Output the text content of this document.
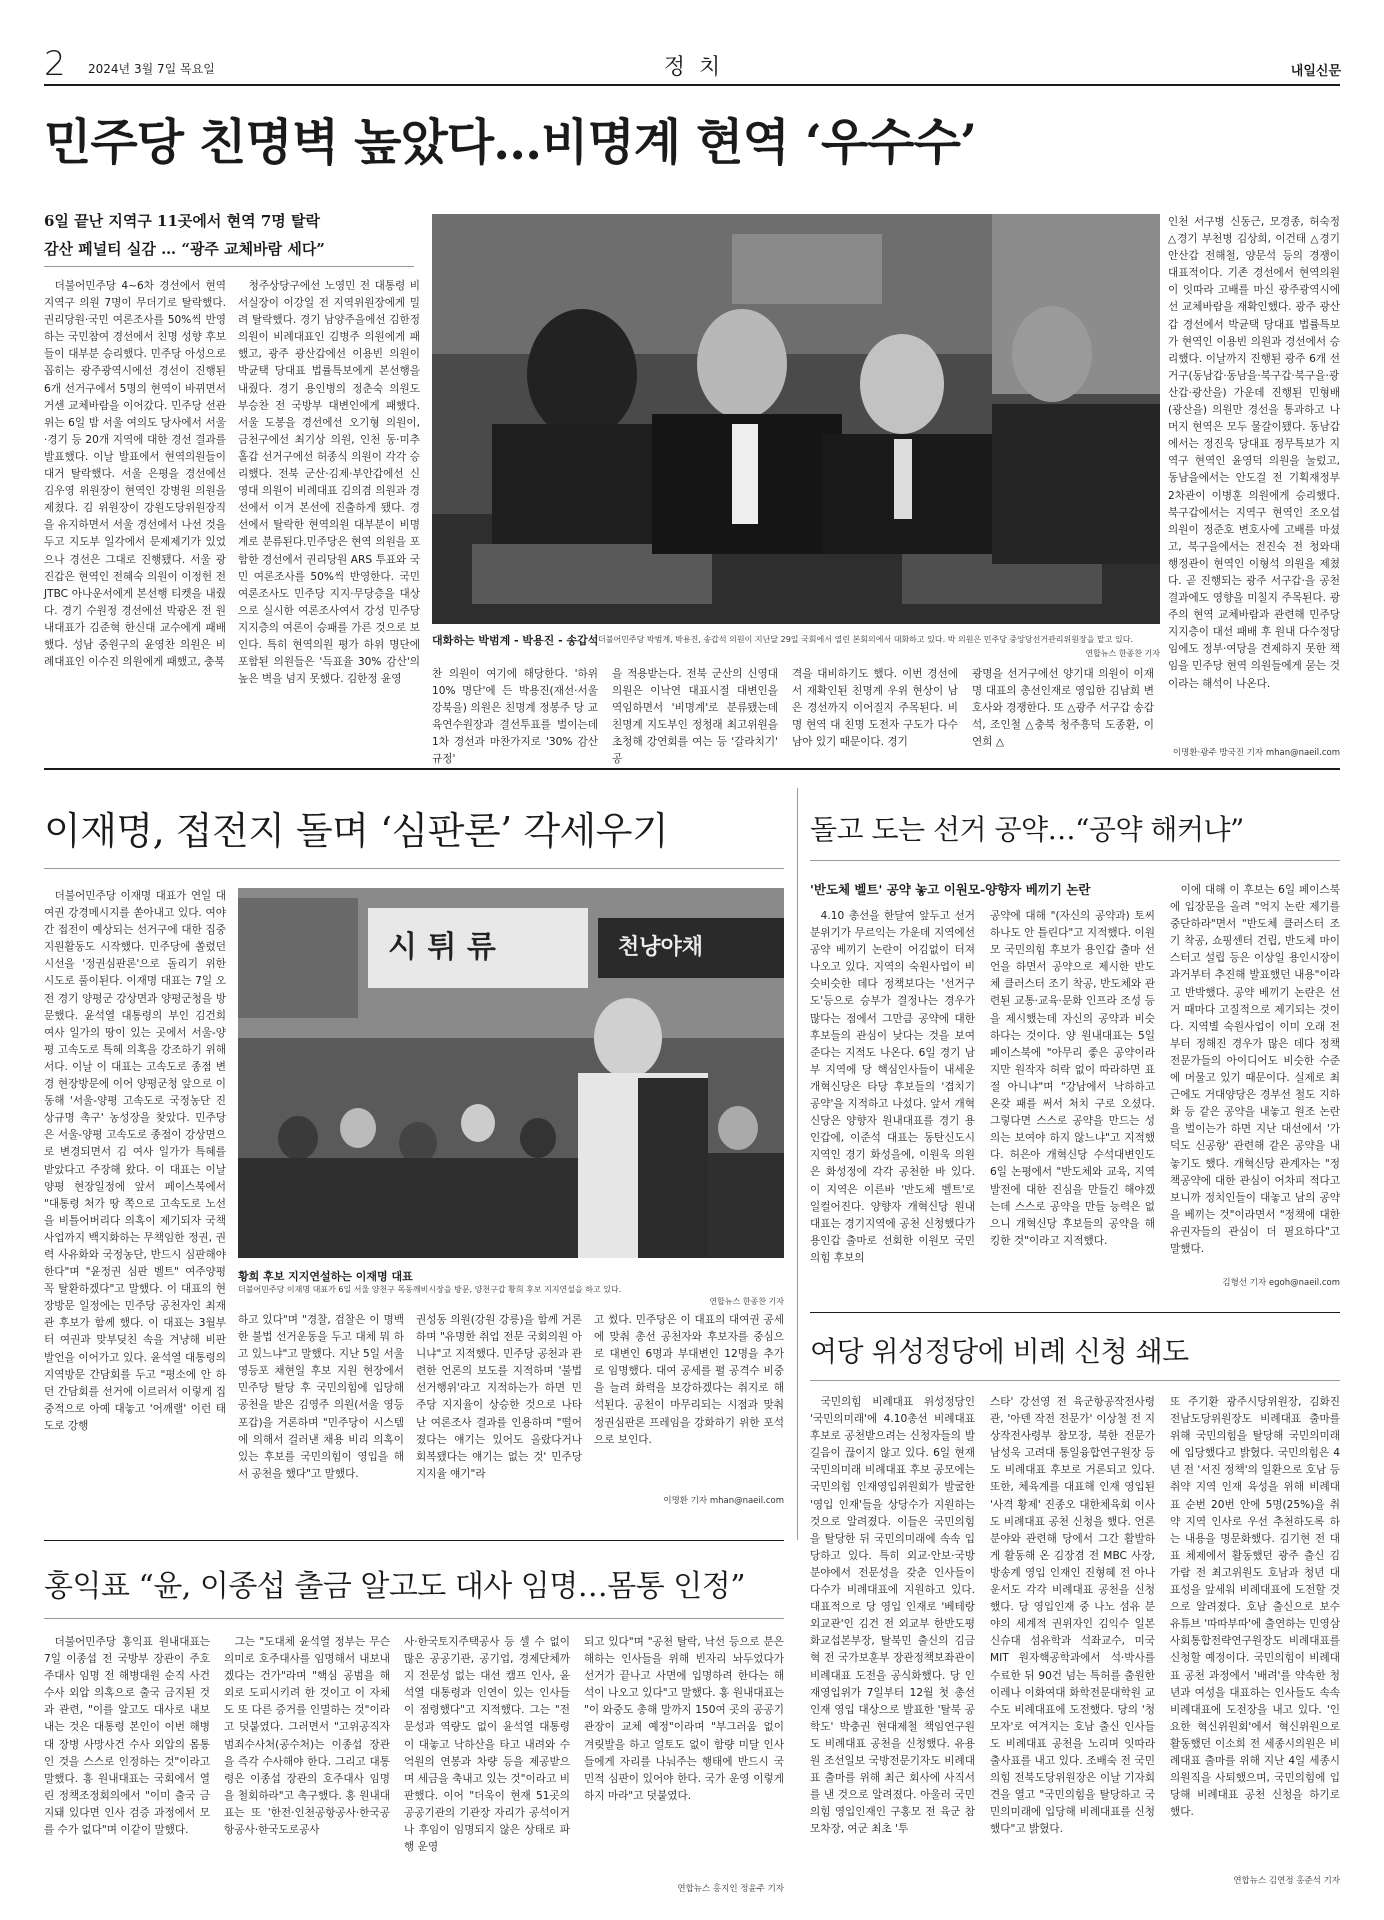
2 2024년 3월 7일 목요일	정  치	내일신문
민주당 친명벽 높았다…비명계 현역 ‘우수수’
6일 끝난 지역구 11곳에서 현역 7명 탈락
감산 페널티 실감 … “광주 교체바람 세다”

더불어민주당 4~6차 경선에서 현역 지역구 의원 7명이 무더기로 탈락했다. 권리당원·국민 여론조사를 50%씩 반영하는 국민참여 경선에서 친명 성향 후보들이 대부분 승리했다. 민주당 아성으로 꼽히는 광주광역시에선 경선이 진행된 6개 선거구에서 5명의 현역이 바뀌면서 거센 교체바람을 이어갔다. 민주당 선관위는 6일 밤 서울 여의도 당사에서 서울·경기 등 20개 지역에 대한 경선 결과를 발표했다. 이날 발표에서 현역의원들이 대거 탈락했다. 서울 은평을 경선에선 김우영 위원장이 현역인 강병원 의원을 제쳤다. 김 위원장이 강원도당위원장직을 유지하면서 서울 경선에서 나선 것을 두고 지도부 일각에서 문제제기가 있었으나 경선은 그대로 진행됐다. 서울 광진갑은 현역인 전혜숙 의원이 이정헌 전 JTBC 아나운서에게 본선행 티켓을 내줬다. 경기 수원정 경선에선 박광온 전 원내대표가 김준혁 한신대 교수에게 패배했다. 성남 중원구의 윤영찬 의원은 비례대표인 이수진 의원에게 패했고, 충북

청주상당구에선 노영민 전 대통령 비서실장이 이강일 전 지역위원장에게 밀려 탈락했다. 경기 남양주을에선 김한정 의원이 비례대표인 김병주 의원에게 패했고, 광주 광산갑에선 이용빈 의원이 박균택 당대표 법률특보에게 본선행을 내줬다. 경기 용인병의 정춘숙 의원도 부승찬 전 국방부 대변인에게 패했다. 서울 도봉을 경선에선 오기형 의원이, 금천구에선 최기상 의원, 인천 동·미추홀갑 선거구에선 허종식 의원이 각각 승리했다. 전북 군산·김제·부안갑에선 신영대 의원이 비례대표 김의겸 의원과 경선에서 이겨 본선에 진출하게 됐다. 경선에서 탈락한 현역의원 대부분이 비명계로 분류된다.민주당은 현역 의원을 포함한 경선에서 권리당원 ARS 투표와 국민 여론조사를 50%씩 반영한다. 국민여론조사도 민주당 지지·무당층을 대상으로 실시한 여론조사여서 강성 민주당 지지층의 여론이 승패를 가른 것으로 보인다. 특히 현역의원 평가 하위 명단에 포함된 의원들은 '득표율 30% 감산'의 높은 벽을 넘지 못했다. 김한정 윤영

대화하는 박범계 - 박용진 - 송갑석 더불어민주당 박범계, 박용진, 송갑석 의원이 지난달 29일 국회에서 열린 본회의에서 대화하고 있다. 박 의원은 민주당 중앙당선거관리위원장을 맡고 있다.
연합뉴스 한종찬 기자

찬 의원이 여기에 해당한다. '하위 10% 명단'에 든 박용진(재선·서울 강북을) 의원은 친명계 정봉주 당 교육연수원장과 결선투표를 벌이는데 1차 경선과 마찬가지로 '30% 감산 규정'

을 적용받는다. 전북 군산의 신영대 의원은 이낙연 대표시절 대변인을 역임하면서 '비명계'로 분류됐는데 친명계 지도부인 정청래 최고위원을 초청해 강연회를 여는 등 '갈라치기' 공

격을 대비하기도 했다. 이번 경선에서 재확인된 친명계 우위 현상이 남은 경선까지 이어질지 주목된다. 비명 현역 대 친명 도전자 구도가 다수 남아 있기 때문이다. 경기

광명을 선거구에선 양기대 의원이 이재명 대표의 총선인재로 영입한 김남희 변호사와 경쟁한다. 또 △광주 서구갑 송갑석, 조인철 △충북 청주흥덕 도종환, 이연희 △

인천 서구병 신동근, 모경종, 허숙정 △경기 부천병 김상희, 이건태 △경기 안산갑 전해철, 양문석 등의 경쟁이 대표적이다. 기존 경선에서 현역의원이 잇따라 고배를 마신 광주광역시에선 교체바람을 재확인했다. 광주 광산갑 경선에서 박균택 당대표 법률특보가 현역인 이용빈 의원과 경선에서 승리했다. 이날까지 진행된 광주 6개 선거구(동남갑·동남을·북구갑·북구을·광산갑·광산을) 가운데 진행된 민형배(광산을) 의원만 경선을 통과하고 나머지 현역은 모두 물갈이됐다. 동남갑 에서는 정진욱 당대표 정무특보가 지역구 현역인 윤영덕 의원을 눌렀고, 동남을에서는 안도걸 전 기획재정부 2차관이 이병훈 의원에게 승리했다. 북구갑에서는 지역구 현역인 조오섭 의원이 정준호 변호사에 고배를 마셨고, 북구을에서는 전진숙 전 청와대 행정관이 현역인 이형석 의원을 제쳤다. 곧 진행되는 광주 서구갑·을 공천결과에도 영향을 미칠지 주목된다. 광주의 현역 교체바람과 관련해 민주당 지지층이 대선 패배 후 원내 다수정당임에도 정부·여당을 견제하지 못한 책임을 민주당 현역 의원들에게 묻는 것이라는 해석이 나온다.

이명환·광주 방국진 기자 mhan@naeil.com
이재명, 접전지 돌며 ‘심판론’ 각세우기

더불어민주당 이재명 대표가 연일 대여권 강경메시지를 쏟아내고 있다. 여야간 접전이 예상되는 선거구에 대한 집중지원활동도 시작했다. 민주당에 쏠렸던 시선을 '정권심판론'으로 돌리기 위한 시도로 풀이된다. 이재명 대표는 7일 오전 경기 양평군 강상면과 양평군청을 방문했다. 윤석열 대통령의 부인 김건희 여사 일가의 땅이 있는 곳에서 서울-양평 고속도로 특혜 의혹을 강조하기 위해서다. 이날 이 대표는 고속도로 종점 변경 현장방문에 이어 양평군청 앞으로 이동해 '서울-양평 고속도로 국정농단 진상규명 촉구' 농성장을 찾았다. 민주당은 서울-양평 고속도로 종점이 강상면으로 변경되면서 김 여사 일가가 특혜를 받았다고 주장해 왔다. 이 대표는 이날 양평 현장일정에 앞서 페이스북에서 "대통령 처가 땅 쪽으로 고속도로 노선을 비틀어버리다 의혹이 제기되자 국책사업까지 백지화하는 무책임한 정권, 권력 사유화와 국정농단, 반드시 심판해야 한다"며 "윤정권 심판 벨트" 여주양평 꼭 탈환하겠다"고 말했다. 이 대표의 현장방문 일정에는 민주당 공천자인 최재관 후보가 함께 했다. 이 대표는 3월부터 여권과 맞부딪친 속을 겨냥해 비판 발언을 이어가고 있다. 윤석열 대통령의 지역방문 간담회를 두고 "평소에 안 하던 간담회를 선거에 이르러서 이렇게 집중적으로 아예 대놓고 '어깨랠' 이런 태도로 강행

시 튀 류	천냥야채
황희 후보 지지연설하는 이재명 대표
더불어민주당 이재명 대표가 6일 서울 양천구 목동깨비시장을 방문, 양천구갑 황희 후보 지지연설을 하고 있다.
연합뉴스 한종찬 기자

하고 있다"며 "경찰, 검찰은 이 명백한 불법 선거운동을 두고 대체 뭐 하고 있느냐"고 말했다. 지난 5일 서울 영등포 채현일 후보 지원 현장에서 민주당 탈당 후 국민의힘에 입당해 공천을 받은 김영주 의원(서울 영등포갑)을 거론하며 "민주당이 시스템에 의해서 걸러낸 채용 비리 의혹이 있는 후보를 국민의힘이 영입을 해서 공천을 했다"고 말했다.

권성동 의원(강원 강릉)을 함께 거론하며 "유명한 취업 전문 국회의원 아니냐"고 지적했다. 민주당 공천과 관련한 언론의 보도를 지적하며 '불법 선거행위'라고 지적하는가 하면 민주당 지지율이 상승한 것으로 나타난 여론조사 결과를 인용하며 "떨어졌다는 얘기는 있어도 올랐다거나 회복됐다는 얘기는 없는 것' 민주당 지지율 얘기"라

고 썼다. 민주당은 이 대표의 대여권 공세에 맞춰 총선 공천자와 후보자를 중심으로 대변인 6명과 부대변인 12명을 추가로 임명했다. 대여 공세를 펼 공격수 비중을 늘려 화력을 보강하겠다는 취지로 해석된다. 공천이 마무리되는 시점과 맞춰 정권심판론 프레임을 강화하기 위한 포석으로 보인다.

이명환 기자 mhan@naeil.com
돌고 도는 선거 공약…“공약 해커냐”
'반도체 벨트' 공약 놓고 이원모-양향자 베끼기 논란

4.10 총선을 한달여 앞두고 선거 분위기가 무르익는 가운데 지역에선 공약 베끼기 논란이 어김없이 터져나오고 있다. 지역의 숙원사업이 비슷비슷한 데다 정책보다는 '선거구도'등으로 승부가 결정나는 경우가 많다는 점에서 그만큼 공약에 대한 후보들의 관심이 낮다는 것을 보여준다는 지적도 나온다. 6일 경기 남부 지역에 당 핵심인사들이 내세운 개혁신당은 타당 후보들의 '겹치기 공약'을 지적하고 나섰다. 앞서 개혁신당은 양향자 원내대표를 경기 용인갑에, 이준석 대표는 동탄신도시 지역인 경기 화성을에, 이원욱 의원은 화성정에 각각 공천한 바 있다. 이 지역은 이른바 '반도체 벨트'로 일컬어진다. 양향자 개혁신당 원내대표는 경기지역에 공천 신청했다가 용인갑 출마로 선회한 이원모 국민의힘 후보의

공약에 대해 "(자신의 공약과) 토씨 하나도 안 틀린다"고 지적했다. 이원모 국민의힘 후보가 용인갑 출마 선언을 하면서 공약으로 제시한 반도체 클러스터 조기 착공, 반도체와 관련된 교통·교육·문화 인프라 조성 등을 제시했는데 자신의 공약과 비슷하다는 것이다. 양 원내대표는 5일 페이스북에 "아무리 좋은 공약이라지만 원작자 허락 없이 따라하면 표절 아니냐"며 "강남에서 낙하하고 온갖 패를 써서 처치 구로 오셨다. 그렇다면 스스로 공약을 만드는 성의는 보여야 하지 않느냐"고 지적했다. 허은아 개혁신당 수석대변인도 6일 논평에서 "반도체와 교육, 지역발전에 대한 진심을 만들긴 해야겠는데 스스로 공약을 만들 능력은 없으니 개혁신당 후보들의 공약을 해킹한 것"이라고 지적했다.

이에 대해 이 후보는 6일 페이스북에 입장문을 올려 "억지 논란 제기를 중단하라"면서 "반도체 클러스터 조기 착공, 쇼핑센터 건립, 반도체 마이스터고 설립 등은 이상일 용인시장이 과거부터 추진해 발표했던 내용"이라고 반박했다. 공약 베끼기 논란은 선거 때마다 고질적으로 제기되는 것이다. 지역별 숙원사업이 이미 오래 전부터 정해진 경우가 많은 데다 정책 전문가들의 아이디어도 비슷한 수준에 머물고 있기 때문이다. 실제로 최근에도 거대양당은 경부선 철도 지하화 등 같은 공약을 내놓고 원조 논란을 벌이는가 하면 지난 대선에서 '가덕도 신공항' 관련해 같은 공약을 내놓기도 했다. 개혁신당 관계자는 "정책공약에 대한 관심이 어차피 적다고 보니까 정치인들이 대놓고 남의 공약을 베끼는 것"이라면서 "정책에 대한 유권자들의 관심이 더 필요하다"고 말했다.

김형선 기자 egoh@naeil.com
여당 위성정당에 비례 신청 쇄도

국민의힘 비례대표 위성정당인 '국민의미래'에 4.10총선 비례대표 후보로 공천받으려는 신청자들의 발길음이 끊이지 않고 있다. 6일 현재 국민의미래 비례대표 후보 공모에는 국민의힘 인재영입위원회가 발굴한 '영입 인재'들을 상당수가 지원하는 것으로 알려졌다. 이들은 국민의힘을 탈당한 뒤 국민의미래에 속속 입당하고 있다. 특히 외교·안보·국방 분야에서 전문성을 갖춘 인사들이 다수가 비례대표에 지원하고 있다. 대표적으로 당 영입 인재로 '베테랑 외교관'인 김건 전 외교부 한반도평화교섭본부장, 탈북민 출신의 김금혁 전 국가보훈부 장관정책보좌관이 비례대표 도전을 공식화했다. 당 인재영입위가 7일부터 12월 첫 총선 인재 영입 대상으로 발표한 '탈북 공학도' 박충권 현대제철 책임연구원도 비례대표 공천을 신청했다. 유용원 조선일보 국방전문기자도 비례대표 출마를 위해 최근 회사에 사직서를 낸 것으로 알려졌다. 아울러 국민의힘 영입인재인 구홍모 전 육군 참모차장, 여군 최초 '투

스타' 강선영 전 육군항공작전사령관, '아덴 작전 전문가' 이상철 전 지상작전사령부 참모장, 북한 전문가 남성욱 고려대 통일융합연구원장 등도 비례대표 후보로 거론되고 있다. 또한, 체육계를 대표해 인재 영입된 '사격 황제' 진종오 대한체육회 이사도 비례대표 공천 신청을 했다. 언론 분야와 관련해 당에서 그간 활발하게 활동해 온 김장겸 전 MBC 사장, 방송계 영입 인재인 진형혜 전 아나운서도 각각 비례대표 공천을 신청했다. 당 영입인재 중 나노 섬유 분야의 세계적 권위자인 김익수 일본신슈대 섬유학과 석좌교수, 미국 MIT 원자핵공학과에서 석·박사를 수료한 뒤 90건 넘는 특허를 출원한 이레나 이화여대 화학전문대학원 교수도 비례대표에 도전했다. 당의 '청모자'로 여겨지는 호남 출신 인사들도 비례대표 공천을 노리며 잇따라 출사표를 내고 있다. 조배숙 전 국민의힘 전북도당위원장은 이날 기자회견을 열고 "국민의힘을 탈당하고 국민의미래에 입당해 비례대표를 신청했다"고 밝혔다.

또 주기환 광주시당위원장, 김화진 전남도당위원장도 비례대표 출마를 위해 국민의힘을 탈당해 국민의미래에 입당했다고 밝혔다. 국민의힘은 4년 전 '서진 정책'의 일환으로 호남 등 취약 지역 인재 육성을 위해 비례대표 순번 20번 안에 5명(25%)을 취약 지역 인사로 우선 추천하도록 하는 내용을 명문화했다. 김기현 전 대표 체제에서 활동했던 광주 출신 김가람 전 최고위원도 호남과 청년 대표성을 앞세워 비례대표에 도전할 것으로 알려졌다. 호남 출신으로 보수 유튜브 '따따부따'에 출연하는 민영삼 사회통합전략연구원장도 비례대표를 신청할 예정이다. 국민의힘이 비례대표 공천 과정에서 '배려'를 약속한 청년과 여성을 대표하는 인사들도 속속 비례대표에 도전장을 내고 있다. '인요한 혁신위원회'에서 혁신위원으로 활동했던 이소희 전 세종시의원은 비례대표 출마를 위해 지난 4일 세종시의원직을 사퇴했으며, 국민의힘에 입당해 비례대표 공천 신청을 하기로 했다.

연합뉴스 김연정 홍준석 기자
홍익표 “윤, 이종섭 출금 알고도 대사 임명…몸통 인정”

더불어민주당 홍익표 원내대표는 7일 이종섭 전 국방부 장관이 주호주대사 임명 전 해병대원 순직 사건 수사 외압 의혹으로 출국 금지된 것과 관련, "이를 알고도 대사로 내보내는 것은 대통령 본인이 이번 해병대 장병 사망사건 수사 외압의 몸통인 것을 스스로 인정하는 것"이라고 말했다. 홍 원내대표는 국회에서 열린 정책조정회의에서 "이미 출국 금지돼 있다면 인사 검증 과정에서 모를 수가 없다"며 이같이 말했다.

그는 "도대체 윤석열 정부는 무슨 의미로 호주대사를 임명해서 내보내겠다는 건가"라며 "핵심 공범을 해외로 도피시키려 한 것이고 이 자체도 또 다른 증거를 인멸하는 것"이라고 덧붙였다. 그러면서 "고위공직자범죄수사처(공수처)는 이종섭 장관을 즉각 수사해야 한다. 그리고 대통령은 이종섭 장관의 호주대사 임명을 철회하라"고 촉구했다. 홍 원내대표는 또 '한전·인천공항공사·한국공항공사·한국도로공사

사·한국토지주택공사 등 셀 수 없이 많은 공공기관, 공기업, 경제단체까지 전문성 없는 대선 캠프 인사, 윤석열 대통령과 인연이 있는 인사들이 점령했다"고 지적했다. 그는 "전문성과 역량도 없이 윤석열 대통령이 대놓고 낙하산을 타고 내려와 수억원의 연봉과 차량 등을 제공받으며 세금을 축내고 있는 것"이라고 비판했다. 이어 "더욱이 현재 51곳의 공공기관의 기관장 자리가 공석이거나 후임이 임명되지 않은 상태로 파행 운영

되고 있다"며 "공천 탈락, 낙선 등으로 분은해하는 인사들을 위해 빈자리 놔두었다가 선거가 끝나고 사면에 입명하려 한다는 해석이 나오고 있다"고 말했다. 홍 원내대표는 "이 와중도 총해 말까지 150여 곳의 공공기관장이 교체 예정"이라며 "부그러움 없이 겨릿발을 하고 얼토도 없이 함량 미달 인사들에게 자리를 나눠주는 행태에 반드시 국민적 심판이 있어야 한다. 국가 운영 이렇게 하지 마라"고 덧붙였다.

연합뉴스 홍지인 정윤주 기자
